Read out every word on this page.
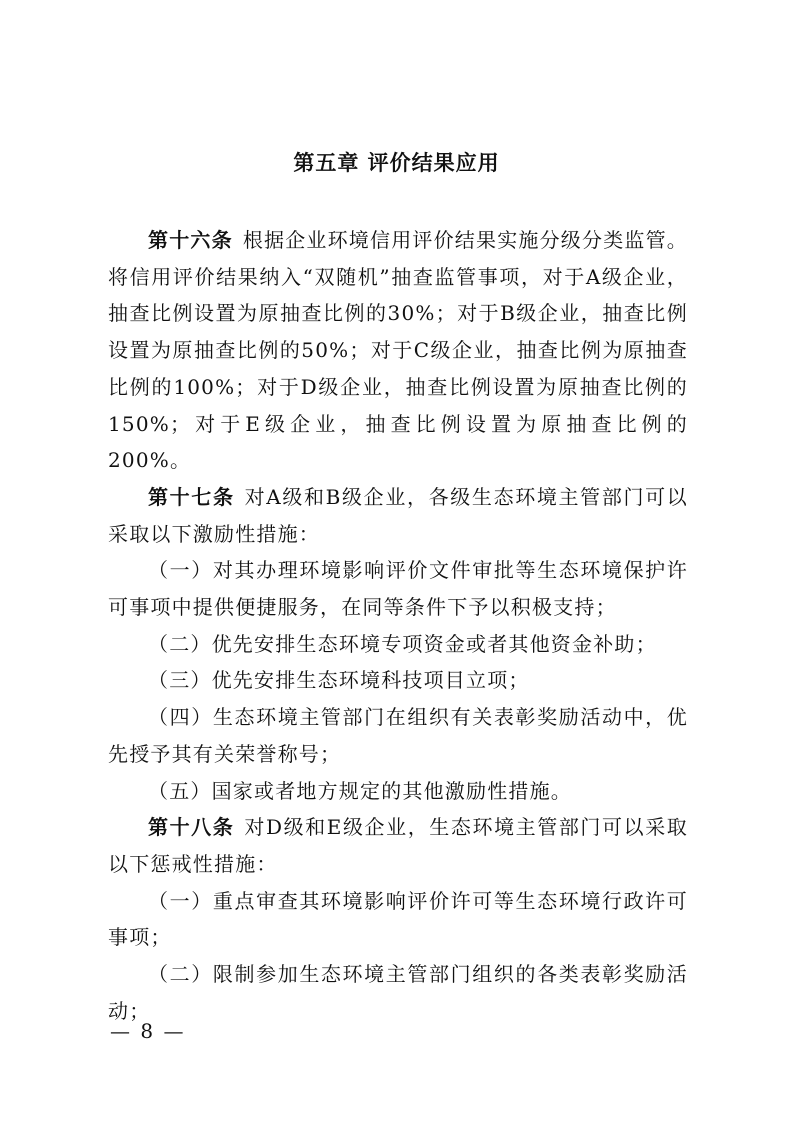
第五章 评价结果应用

第十六条 根据企业环境信用评价结果实施分级分类监管。将信用评价结果纳入“双随机”抽查监管事项，对于A级企业，抽查比例设置为原抽查比例的30%；对于B级企业，抽查比例设置为原抽查比例的50%；对于C级企业，抽查比例为原抽查比例的100%；对于D级企业，抽查比例设置为原抽查比例的150%；对于E级企业，抽查比例设置为原抽查比例的200%。

第十七条 对A级和B级企业，各级生态环境主管部门可以采取以下激励性措施：

（一）对其办理环境影响评价文件审批等生态环境保护许可事项中提供便捷服务，在同等条件下予以积极支持；

（二）优先安排生态环境专项资金或者其他资金补助；

（三）优先安排生态环境科技项目立项；

（四）生态环境主管部门在组织有关表彰奖励活动中，优先授予其有关荣誉称号；

（五）国家或者地方规定的其他激励性措施。

第十八条 对D级和E级企业，生态环境主管部门可以采取以下惩戒性措施：

（一）重点审查其环境影响评价许可等生态环境行政许可事项；

（二）限制参加生态环境主管部门组织的各类表彰奖励活动；

— 8 —
